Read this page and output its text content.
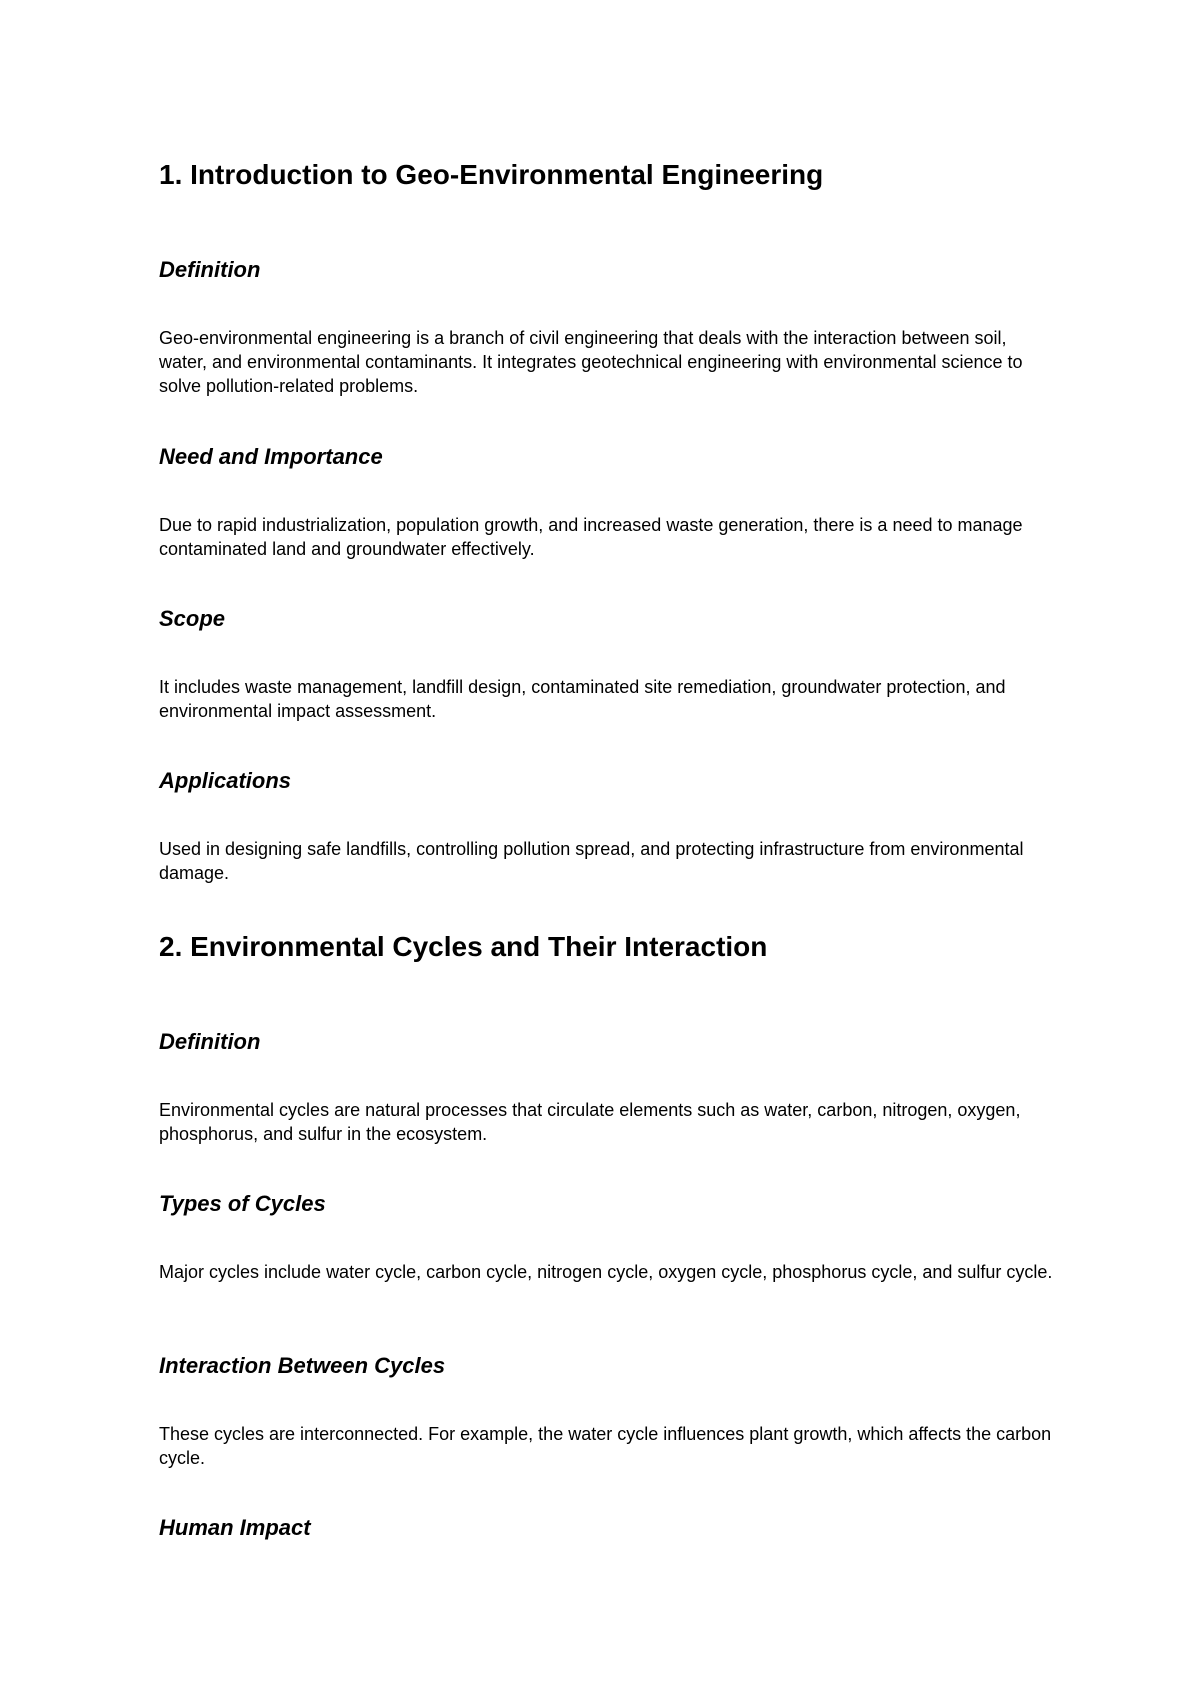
1. Introduction to Geo-Environmental Engineering
Definition

Geo-environmental engineering is a branch of civil engineering that deals with the interaction between soil, water, and environmental contaminants. It integrates geotechnical engineering with environmental science to solve pollution-related problems.

Need and Importance

Due to rapid industrialization, population growth, and increased waste generation, there is a need to manage contaminated land and groundwater effectively.

Scope

It includes waste management, landfill design, contaminated site remediation, groundwater protection, and environmental impact assessment.

Applications

Used in designing safe landfills, controlling pollution spread, and protecting infrastructure from environmental damage.

2. Environmental Cycles and Their Interaction
Definition

Environmental cycles are natural processes that circulate elements such as water, carbon, nitrogen, oxygen, phosphorus, and sulfur in the ecosystem.

Types of Cycles

Major cycles include water cycle, carbon cycle, nitrogen cycle, oxygen cycle, phosphorus cycle, and sulfur cycle.

Interaction Between Cycles

These cycles are interconnected. For example, the water cycle influences plant growth, which affects the carbon cycle.

Human Impact
